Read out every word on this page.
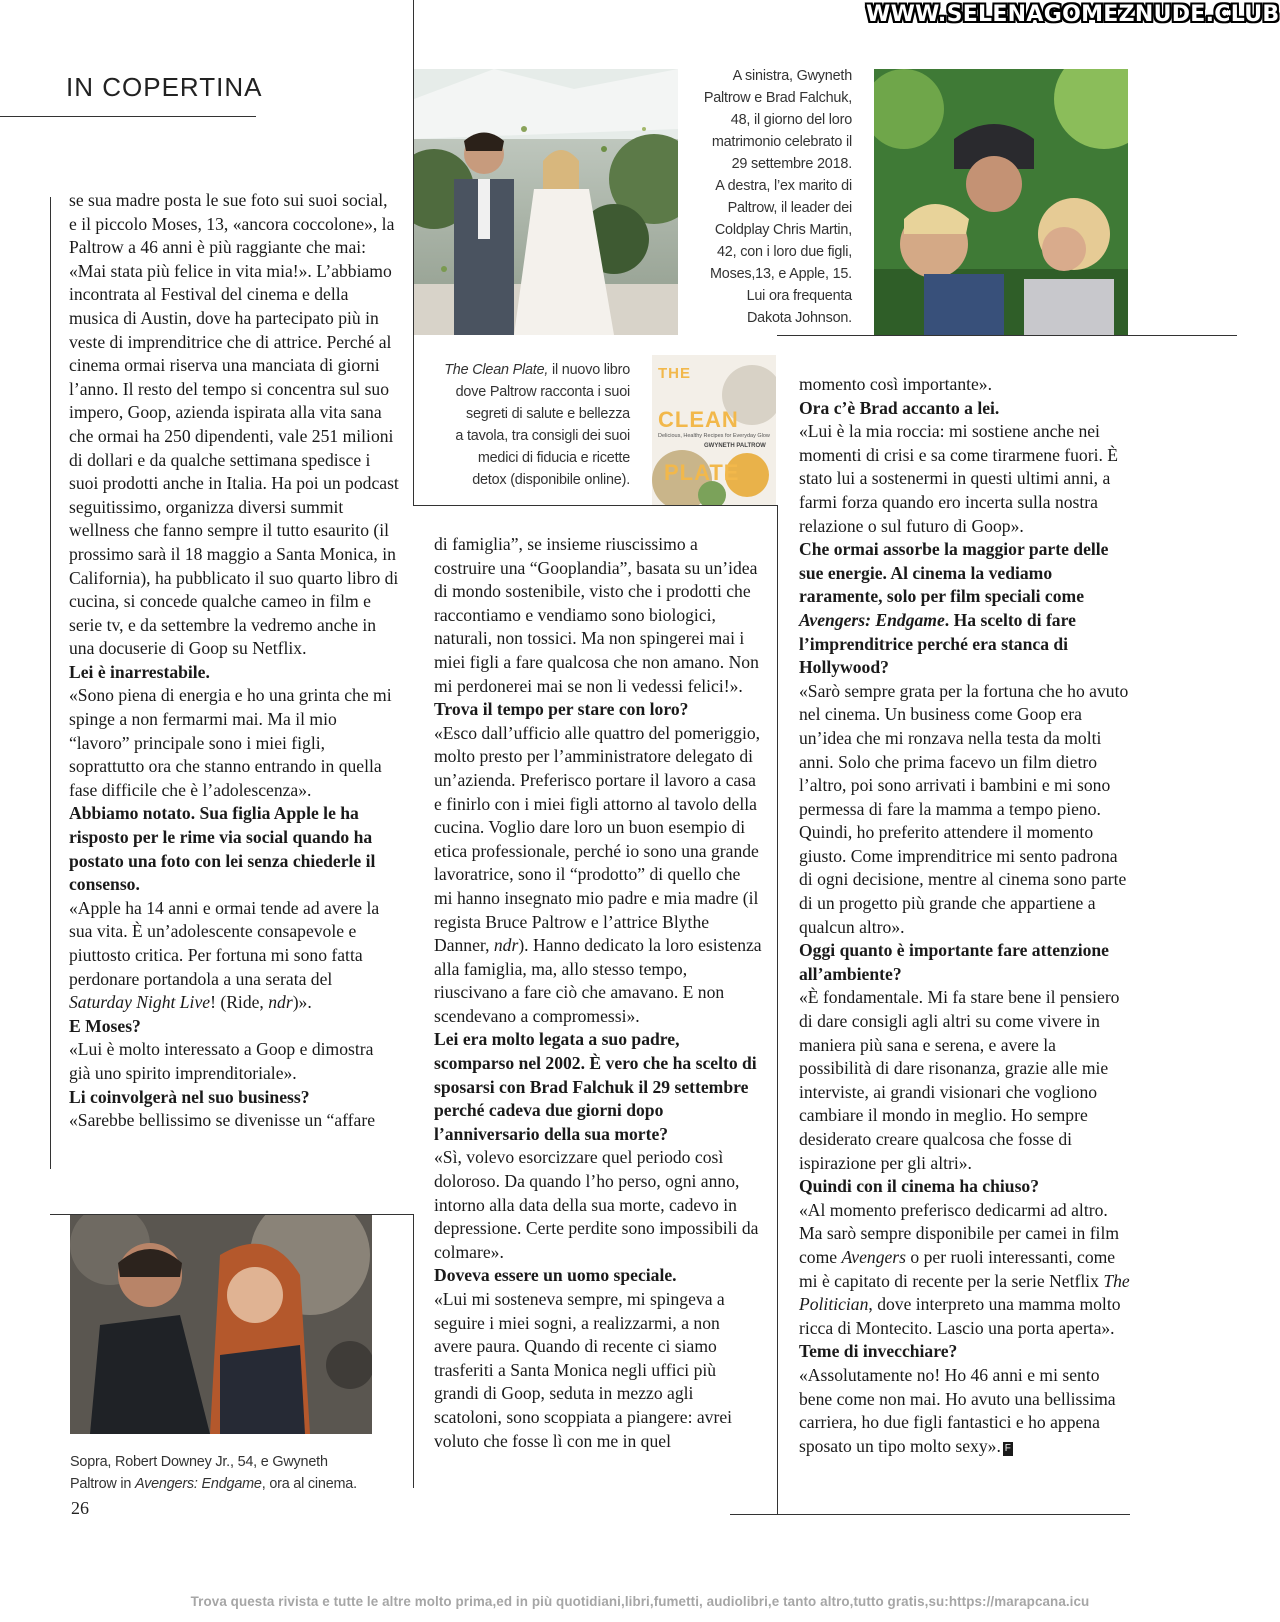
WWW.SELENAGOMEZNUDE.CLUB
IN COPERTINA	A sinistra, Gwyneth
Paltrow e Brad Falchuk,
48, il giorno del loro
matrimonio celebrato il
29 settembre 2018.
A destra, l’ex marito di
Paltrow, il leader dei
Coldplay Chris Martin,
42, con i loro due figli,
Moses,13, e Apple, 15.
Lui ora frequenta
Dakota Johnson.
The Clean Plate, il nuovo libro
dove Paltrow racconta i suoi
segreti di salute e bellezza
a tavola, tra consigli dei suoi
medici di fiducia e ricette
detox (disponibile online).
THE
CLEAN
Delicious, Healthy Recipes for Everyday Glow
GWYNETH PALTROW
PLATE

se sua madre posta le sue foto sui suoi social, e il piccolo Moses, 13, «ancora coccolone», la Paltrow a 46 anni è più raggiante che mai: «Mai stata più felice in vita mia!». L’abbiamo incontrata al Festival del cinema e della musica di Austin, dove ha partecipato più in veste di imprenditrice che di attrice. Perché al cinema ormai riserva una manciata di giorni l’anno. Il resto del tempo si concentra sul suo impero, Goop, azienda ispirata alla vita sana che ormai ha 250 dipendenti, vale 251 milioni di dollari e da qualche settimana spedisce i suoi prodotti anche in Italia. Ha poi un podcast seguitissimo, organizza diversi summit wellness che fanno sempre il tutto esaurito (il prossimo sarà il 18 maggio a Santa Monica, in California), ha pubblicato il suo quarto libro di cucina, si concede qualche cameo in film e serie tv, e da settembre la vedremo anche in una docuserie di Goop su Netflix.

Lei è inarrestabile.

«Sono piena di energia e ho una grinta che mi spinge a non fermarmi mai. Ma il mio “lavoro” principale sono i miei figli, soprattutto ora che stanno entrando in quella fase difficile che è l’adolescenza».

Abbiamo notato. Sua figlia Apple le ha risposto per le rime via social quando ha postato una foto con lei senza chiederle il consenso.

«Apple ha 14 anni e ormai tende ad avere la sua vita. È un’adolescente consapevole e piuttosto critica. Per fortuna mi sono fatta perdonare portandola a una serata del Saturday Night Live! (Ride, ndr)».

E Moses?

«Lui è molto interessato a Goop e dimostra già uno spirito imprenditoriale».

Li coinvolgerà nel suo business?

«Sarebbe bellissimo se divenisse un “affare

Sopra, Robert Downey Jr., 54, e Gwyneth
Paltrow in Avengers: Endgame, ora al cinema.

di famiglia”, se insieme riuscissimo a costruire una “Gooplandia”, basata su un’idea di mondo sostenibile, visto che i prodotti che raccontiamo e vendiamo sono biologici, naturali, non tossici. Ma non spingerei mai i miei figli a fare qualcosa che non amano. Non mi perdonerei mai se non li vedessi felici!».

Trova il tempo per stare con loro?

«Esco dall’ufficio alle quattro del pomeriggio, molto presto per l’amministratore delegato di un’azienda. Preferisco portare il lavoro a casa e finirlo con i miei figli attorno al tavolo della cucina. Voglio dare loro un buon esempio di etica professionale, perché io sono una grande lavoratrice, sono il “prodotto” di quello che mi hanno insegnato mio padre e mia madre (il regista Bruce Paltrow e l’attrice Blythe Danner, ndr). Hanno dedicato la loro esistenza alla famiglia, ma, allo stesso tempo, riuscivano a fare ciò che amavano. E non scendevano a compromessi».

Lei era molto legata a suo padre, scomparso nel 2002. È vero che ha scelto di sposarsi con Brad Falchuk il 29 settembre perché cadeva due giorni dopo l’anniversario della sua morte?

«Sì, volevo esorcizzare quel periodo così doloroso. Da quando l’ho perso, ogni anno, intorno alla data della sua morte, cadevo in depressione. Certe perdite sono impossibili da colmare».

Doveva essere un uomo speciale.

«Lui mi sosteneva sempre, mi spingeva a seguire i miei sogni, a realizzarmi, a non avere paura. Quando di recente ci siamo trasferiti a Santa Monica negli uffici più grandi di Goop, seduta in mezzo agli scatoloni, sono scoppiata a piangere: avrei voluto che fosse lì con me in quel

momento così importante».

Ora c’è Brad accanto a lei.

«Lui è la mia roccia: mi sostiene anche nei momenti di crisi e sa come tirarmene fuori. È stato lui a sostenermi in questi ultimi anni, a farmi forza quando ero incerta sulla nostra relazione o sul futuro di Goop».

Che ormai assorbe la maggior parte delle sue energie. Al cinema la vediamo raramente, solo per film speciali come Avengers: Endgame. Ha scelto di fare l’imprenditrice perché era stanca di Hollywood?

«Sarò sempre grata per la fortuna che ho avuto nel cinema. Un business come Goop era un’idea che mi ronzava nella testa da molti anni. Solo che prima facevo un film dietro l’altro, poi sono arrivati i bambini e mi sono permessa di fare la mamma a tempo pieno. Quindi, ho preferito attendere il momento giusto. Come imprenditrice mi sento padrona di ogni decisione, mentre al cinema sono parte di un progetto più grande che appartiene a qualcun altro».

Oggi quanto è importante fare attenzione all’ambiente?

«È fondamentale. Mi fa stare bene il pensiero di dare consigli agli altri su come vivere in maniera più sana e serena, e avere la possibilità di dare risonanza, grazie alle mie interviste, ai grandi visionari che vogliono cambiare il mondo in meglio. Ho sempre desiderato creare qualcosa che fosse di ispirazione per gli altri».

Quindi con il cinema ha chiuso?

«Al momento preferisco dedicarmi ad altro. Ma sarò sempre disponibile per camei in film come Avengers o per ruoli interessanti, come mi è capitato di recente per la serie Netflix The Politician, dove interpreto una mamma molto ricca di Montecito. Lascio una porta aperta».

Teme di invecchiare?

«Assolutamente no! Ho 46 anni e mi sento bene come non mai. Ho avuto una bellissima carriera, ho due figli fantastici e ho appena sposato un tipo molto sexy». F

26
Trova questa rivista e tutte le altre molto prima,ed in più quotidiani,libri,fumetti, audiolibri,e tanto altro,tutto gratis,su:https://marapcana.icu
